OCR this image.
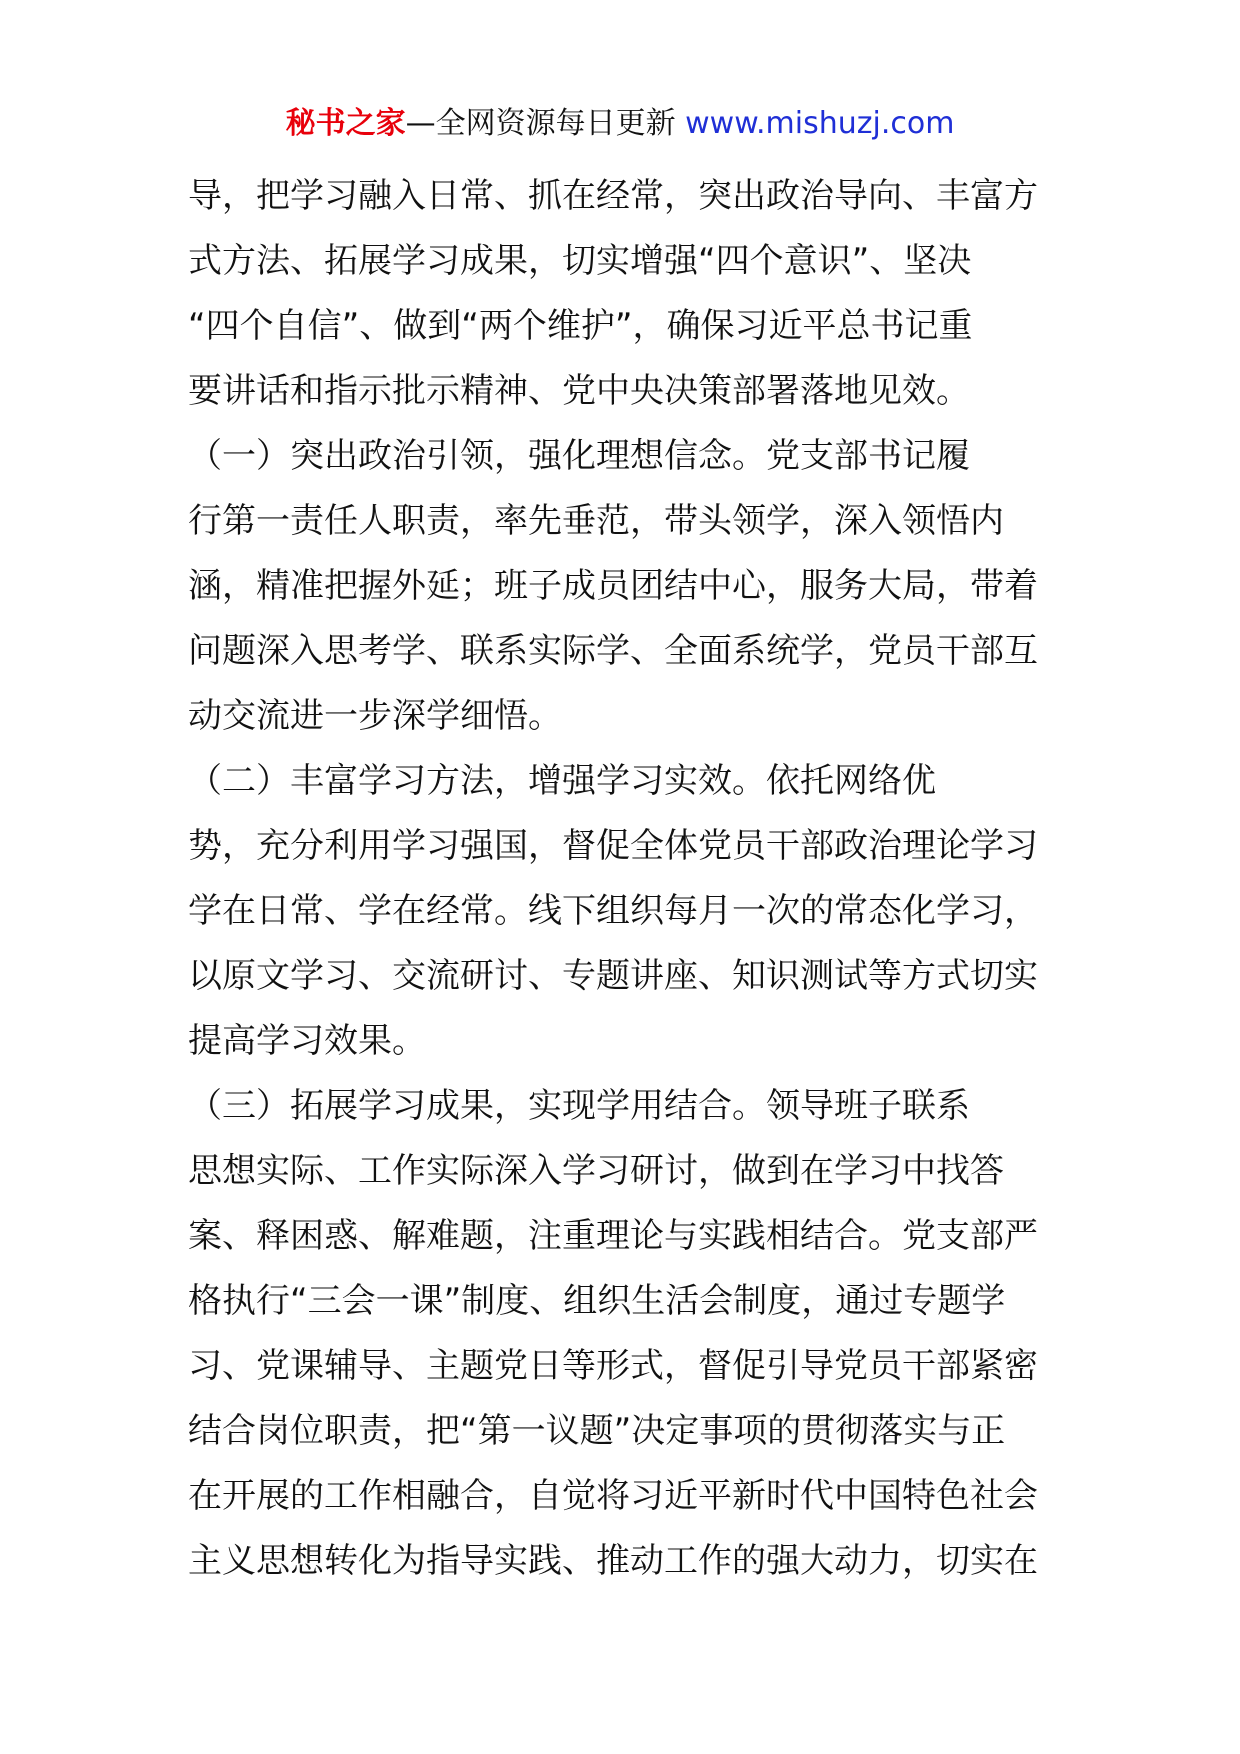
秘书之家—全网资源每日更新 www.mishuzj.com
导，把学习融入日常、抓在经常，突出政治导向、丰富方
式方法、拓展学习成果，切实增强“四个意识”、坚决
“四个自信”、做到“两个维护”，确保习近平总书记重
要讲话和指示批示精神、党中央决策部署落地见效。
（一）突出政治引领，强化理想信念。党支部书记履
行第一责任人职责，率先垂范，带头领学，深入领悟内
涵，精准把握外延；班子成员团结中心，服务大局，带着
问题深入思考学、联系实际学、全面系统学，党员干部互
动交流进一步深学细悟。
（二）丰富学习方法，增强学习实效。依托网络优
势，充分利用学习强国，督促全体党员干部政治理论学习
学在日常、学在经常。线下组织每月一次的常态化学习，
以原文学习、交流研讨、专题讲座、知识测试等方式切实
提高学习效果。
（三）拓展学习成果，实现学用结合。领导班子联系
思想实际、工作实际深入学习研讨，做到在学习中找答
案、释困惑、解难题，注重理论与实践相结合。党支部严
格执行“三会一课”制度、组织生活会制度，通过专题学
习、党课辅导、主题党日等形式，督促引导党员干部紧密
结合岗位职责，把“第一议题”决定事项的贯彻落实与正
在开展的工作相融合，自觉将习近平新时代中国特色社会
主义思想转化为指导实践、推动工作的强大动力，切实在
